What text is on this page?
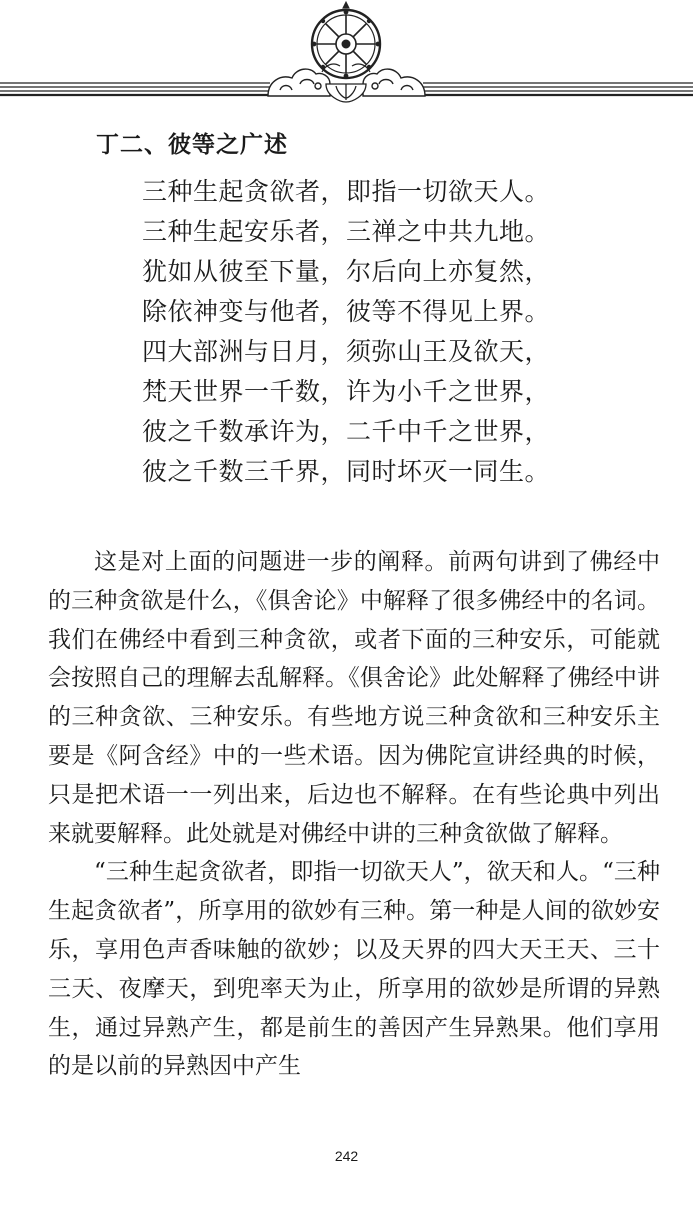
丁二、彼等之广述
三种生起贪欲者，即指一切欲天人。
三种生起安乐者，三禅之中共九地。
犹如从彼至下量，尔后向上亦复然，
除依神变与他者，彼等不得见上界。
四大部洲与日月，须弥山王及欲天，
梵天世界一千数，许为小千之世界，
彼之千数承许为，二千中千之世界，
彼之千数三千界，同时坏灭一同生。

这是对上面的问题进一步的阐释。前两句讲到了佛经中的三种贪欲是什么，《俱舍论》中解释了很多佛经中的名词。我们在佛经中看到三种贪欲，或者下面的三种安乐，可能就会按照自己的理解去乱解释。《俱舍论》此处解释了佛经中讲的三种贪欲、三种安乐。有些地方说三种贪欲和三种安乐主要是《阿含经》中的一些术语。因为佛陀宣讲经典的时候，只是把术语一一列出来，后边也不解释。在有些论典中列出来就要解释。此处就是对佛经中讲的三种贪欲做了解释。

“三种生起贪欲者，即指一切欲天人”，欲天和人。“三种生起贪欲者”，所享用的欲妙有三种。第一种是人间的欲妙安乐，享用色声香味触的欲妙；以及天界的四大天王天、三十三天、夜摩天，到兜率天为止，所享用的欲妙是所谓的异熟生，通过异熟产生，都是前生的善因产生异熟果。他们享用的是以前的异熟因中产生

242
